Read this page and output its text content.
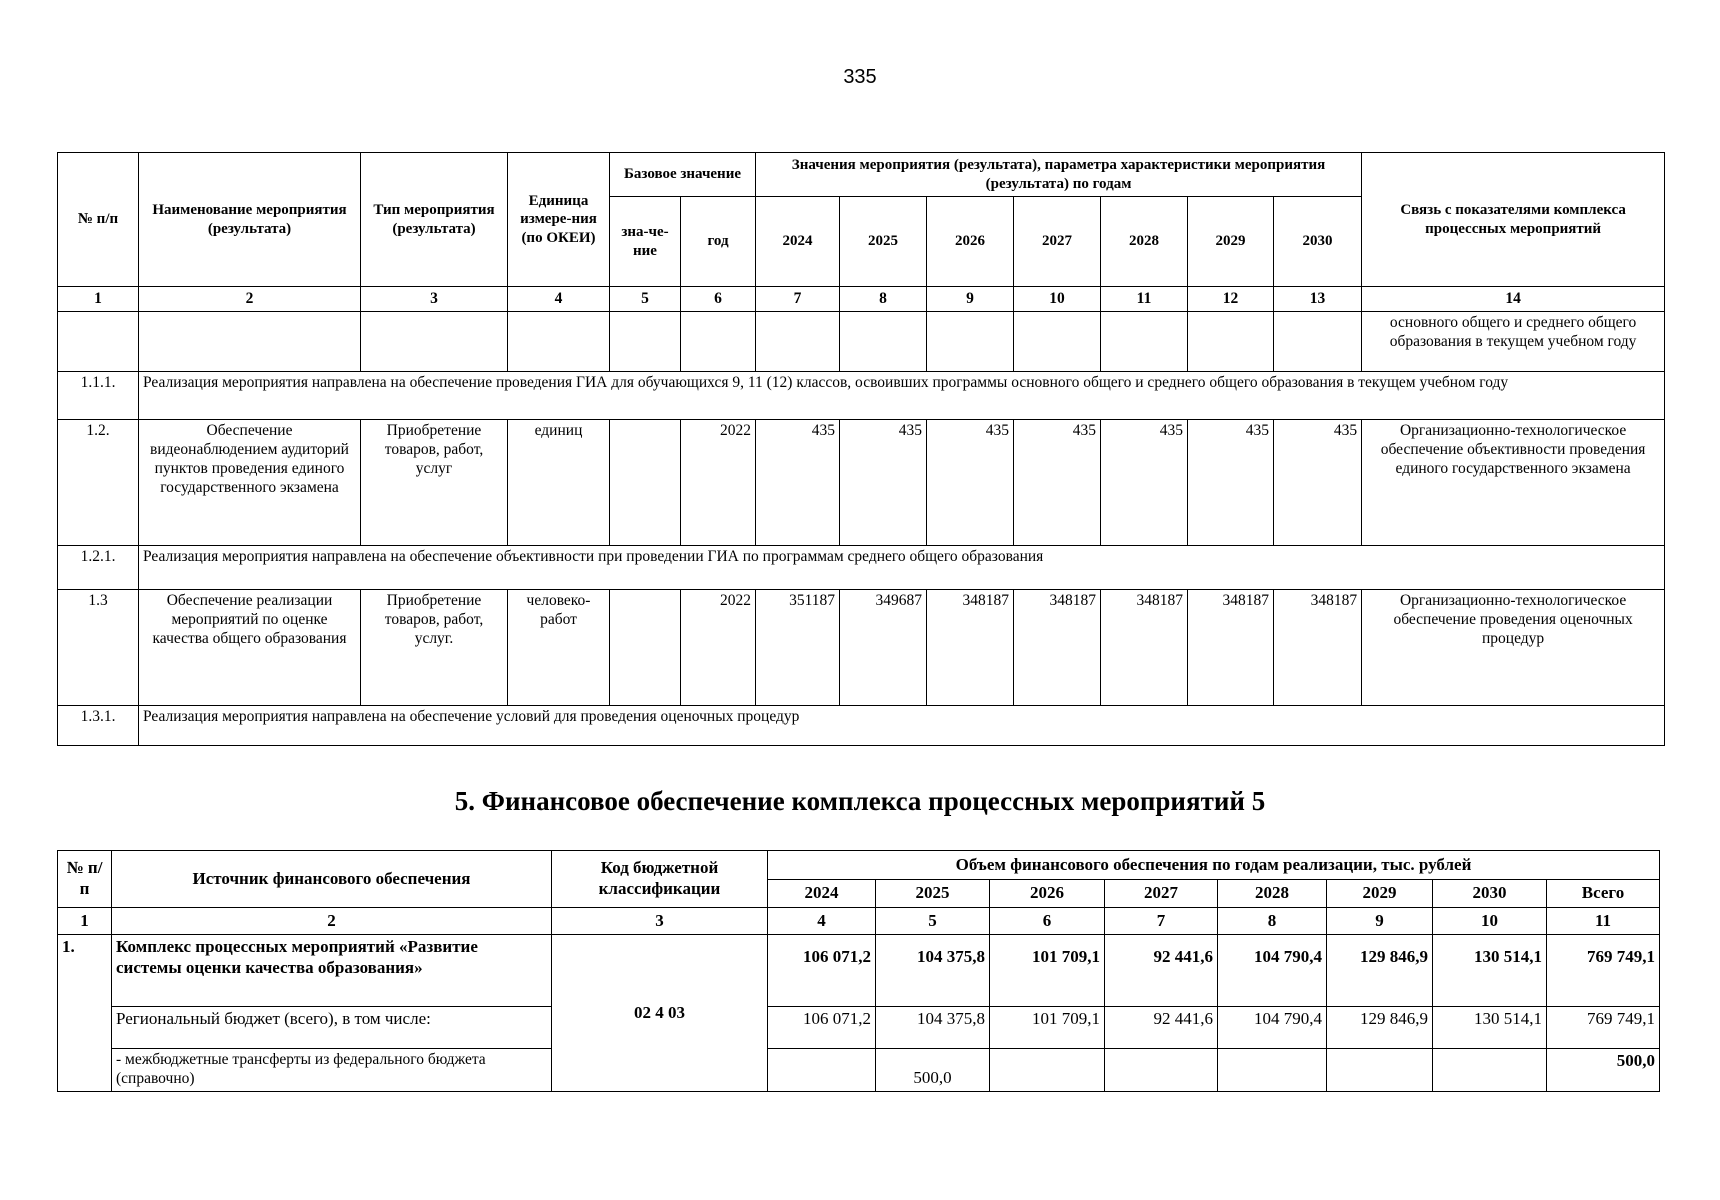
335
№ п/п	Наименование мероприятия (результата)	Тип мероприятия (результата)	Единица измере-ния (по ОКЕИ)	Базовое значение		Значения мероприятия (результата), параметра характеристики мероприятия (результата) по годам							Связь с показателями комплекса процессных мероприятий
				зна-че-ние	год	2024	2025	2026	2027	2028	2029	2030	
1	2	3	4	5	6	7	8	9	10	11	12	13	14
													основного общего и среднего общего образования в текущем учебном году
1.1.1.	Реализация мероприятия направлена на обеспечение проведения ГИА для обучающихся 9, 11 (12) классов, освоивших программы основного общего и среднего общего образования в текущем учебном году												
1.2.	Обеспечение видеонаблюдением аудиторий пунктов проведения единого государственного экзамена	Приобретение товаров, работ, услуг	единиц		2022	435	435	435	435	435	435	435	Организационно-технологическое обеспечение объективности проведения единого государственного экзамена
1.2.1.	Реализация мероприятия направлена на обеспечение объективности при проведении ГИА по программам среднего общего образования												
1.3	Обеспечение реализации мероприятий по оценке качества общего образования	Приобретение товаров, работ, услуг.	человеко-работ		2022	351187	349687	348187	348187	348187	348187	348187	Организационно-технологическое обеспечение проведения оценочных процедур
1.3.1.	Реализация мероприятия направлена на обеспечение условий для проведения оценочных процедур												
5. Финансовое обеспечение комплекса процессных мероприятий 5
№ п/п	Источник финансового обеспечения	Код бюджетной классификации	Объем финансового обеспечения по годам реализации, тыс. рублей							
			2024	2025	2026	2027	2028	2029	2030	Всего
1	2	3	4	5	6	7	8	9	10	11
1.	Комплекс процессных мероприятий «Развитие системы оценки качества образования»	02 4 03	106 071,2	104 375,8	101 709,1	92 441,6	104 790,4	129 846,9	130 514,1	769 749,1
	Региональный бюджет (всего), в том числе:		106 071,2	104 375,8	101 709,1	92 441,6	104 790,4	129 846,9	130 514,1	769 749,1
	- межбюджетные трансферты из федерального бюджета (справочно)			500,0						500,0
